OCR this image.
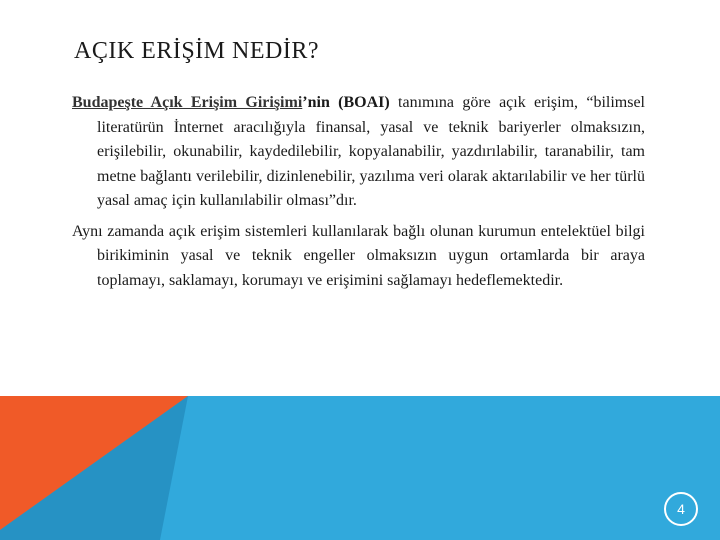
AÇIK ERİŞİM NEDİR?

Budapeşte Açık Erişim Girişimi’nin (BOAI) tanımına göre açık erişim, “bilimsel literatürün İnternet aracılığıyla finansal, yasal ve teknik bariyerler olmaksızın, erişilebilir, okunabilir, kaydedilebilir, kopyalanabilir, yazdırılabilir, taranabilir, tam metne bağlantı verilebilir, dizinlenebilir, yazılıma veri olarak aktarılabilir ve her türlü yasal amaç için kullanılabilir olması”dır.

Aynı zamanda açık erişim sistemleri kullanılarak bağlı olunan kurumun entelektüel bilgi birikiminin yasal ve teknik engeller olmaksızın uygun ortamlarda bir araya toplamayı, saklamayı, korumayı ve erişimini sağlamayı hedeflemektedir.

4
